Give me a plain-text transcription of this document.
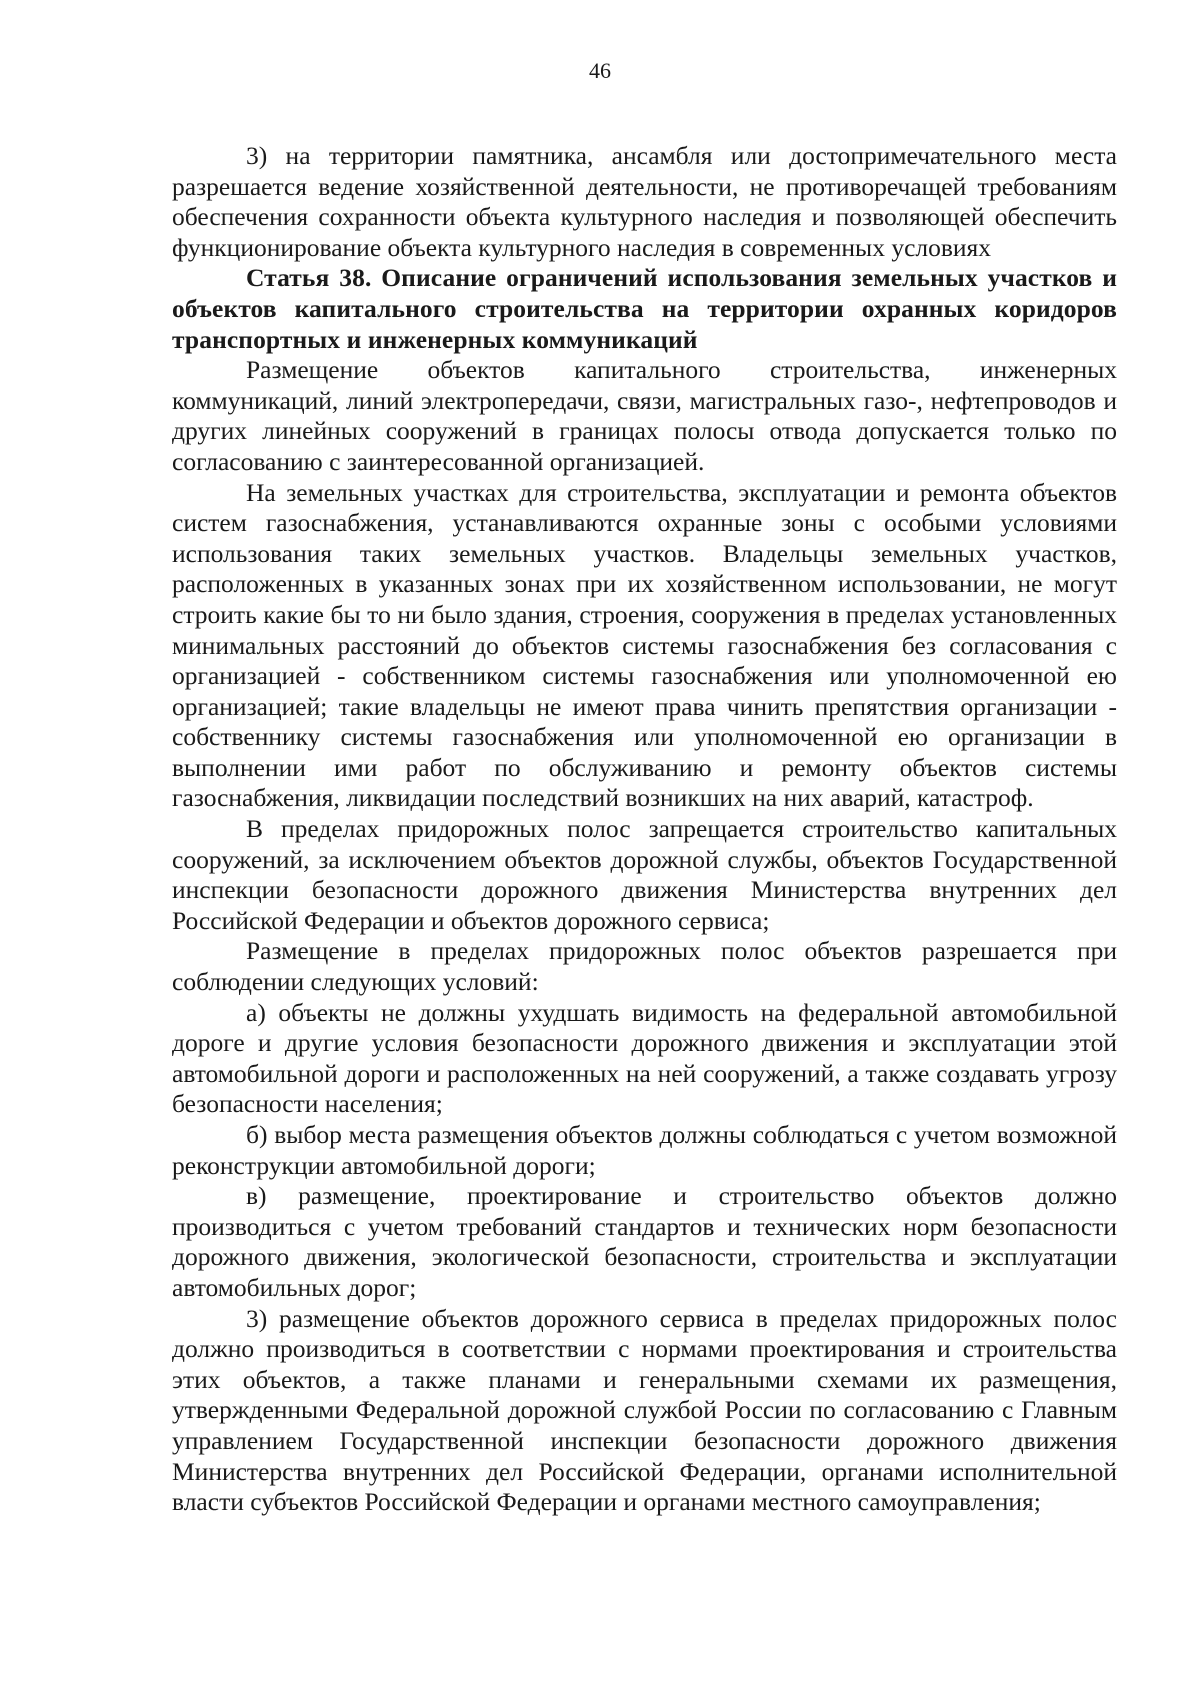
46

3) на территории памятника, ансамбля или достопримечательного места разрешается ведение хозяйственной деятельности, не противоречащей требованиям обеспечения сохранности объекта культурного наследия и позволяющей обеспечить функционирование объекта культурного наследия в современных условиях

Статья 38. Описание ограничений использования земельных участков и объектов капитального строительства на территории охранных коридоров транспортных и инженерных коммуникаций

Размещение объектов капитального строительства, инженерных коммуникаций, линий электропередачи, связи, магистральных газо-, нефтепроводов и других линейных сооружений в границах полосы отвода допускается только по согласованию с заинтересованной организацией.

На земельных участках для строительства, эксплуатации и ремонта объектов систем газоснабжения, устанавливаются охранные зоны с особыми условиями использования таких земельных участков. Владельцы земельных участков, расположенных в указанных зонах при их хозяйственном использовании, не могут строить какие бы то ни было здания, строения, сооружения в пределах установленных минимальных расстояний до объектов системы газоснабжения без согласования с организацией - собственником системы газоснабжения или уполномоченной ею организацией; такие владельцы не имеют права чинить препятствия организации - собственнику системы газоснабжения или уполномоченной ею организации в выполнении ими работ по обслуживанию и ремонту объектов системы газоснабжения, ликвидации последствий возникших на них аварий, катастроф.

В пределах придорожных полос запрещается строительство капитальных сооружений, за исключением объектов дорожной службы, объектов Государственной инспекции безопасности дорожного движения Министерства внутренних дел Российской Федерации и объектов дорожного сервиса;

Размещение в пределах придорожных полос объектов разрешается при соблюдении следующих условий:

а) объекты не должны ухудшать видимость на федеральной автомобильной дороге и другие условия безопасности дорожного движения и эксплуатации этой автомобильной дороги и расположенных на ней сооружений, а также создавать угрозу безопасности населения;

б) выбор места размещения объектов должны соблюдаться с учетом возможной реконструкции автомобильной дороги;

в) размещение, проектирование и строительство объектов должно производиться с учетом требований стандартов и технических норм безопасности дорожного движения, экологической безопасности, строительства и эксплуатации автомобильных дорог;

3) размещение объектов дорожного сервиса в пределах придорожных полос должно производиться в соответствии с нормами проектирования и строительства этих объектов, а также планами и генеральными схемами их размещения, утвержденными Федеральной дорожной службой России по согласованию с Главным управлением Государственной инспекции безопасности дорожного движения Министерства внутренних дел Российской Федерации, органами исполнительной власти субъектов Российской Федерации и органами местного самоуправления;
